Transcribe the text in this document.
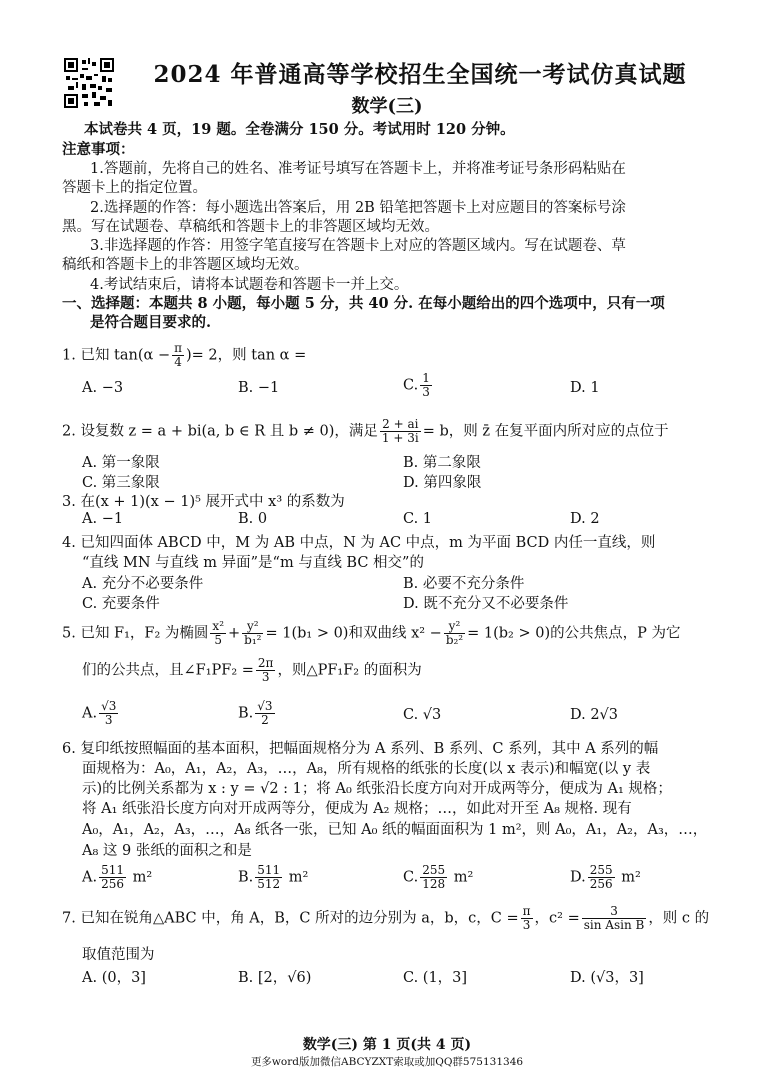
2024 年普通高等学校招生全国统一考试仿真试题
数学(三)
本试卷共 4 页，19 题。全卷满分 150 分。考试用时 120 分钟。
注意事项：
1.答题前，先将自己的姓名、准考证号填写在答题卡上，并将准考证号条形码粘贴在
答题卡上的指定位置。
2.选择题的作答：每小题选出答案后，用 2B 铅笔把答题卡上对应题目的答案标号涂
黑。写在试题卷、草稿纸和答题卡上的非答题区域均无效。
3.非选择题的作答：用签字笔直接写在答题卡上对应的答题区域内。写在试题卷、草
稿纸和答题卡上的非答题区域均无效。
4.考试结束后，请将本试题卷和答题卡一并上交。
一、选择题：本题共 8 小题，每小题 5 分，共 40 分. 在每小题给出的四个选项中，只有一项
是符合题目要求的.
1. 已知 $\tan(\alpha - \frac{\pi}{4}$ )= 2，则 tan α =
A. −3	B. −1	C. $\frac{1}{3}$	D. 1
2. 设复数 z = a + bi(a, b ∈ R 且 b ≠ 0)，满足 $\frac{2 + ai}{1 + 3i} = b$，则 z̄ 在复平面内所对应的点位于
A. 第一象限	B. 第二象限
C. 第三象限	D. 第四象限
3. 在(x + 1)(x − 1)⁵ 展开式中 x³ 的系数为
A. −1	B. 0	C. 1	D. 2
4. 已知四面体 ABCD 中，M 为 AB 中点，N 为 AC 中点，m 为平面 BCD 内任一直线，则
“直线 MN 与直线 m 异面”是“m 与直线 BC 相交”的
A. 充分不必要条件	B. 必要不充分条件
C. 充要条件	D. 既不充分又不必要条件
5. 已知 F₁，F₂ 为椭圆 $\frac{\text{x²}}{5} + \frac{\text{y²}}{\text{b₁²}} = 1(b_1 > 0)$和双曲线 $x^2 - \frac{\text{y²}}{\text{b₂²}} = 1(b_2 > 0)$的公共焦点，P 为它
们的公共点，且∠F₁PF₂ = $\frac{2\pi}{3}$ ，则△PF₁F₂ 的面积为
A. $\frac{√3}{3}$	B. $\frac{√3}{2}$	C. √3	D. 2√3
6. 复印纸按照幅面的基本面积，把幅面规格分为 A 系列、B 系列、C 系列，其中 A 系列的幅
面规格为：A₀，A₁，A₂，A₃，…，A₈，所有规格的纸张的长度(以 x 表示)和幅宽(以 y 表
示)的比例关系都为 x : y = √2 : 1；将 A₀ 纸张沿长度方向对开成两等分，便成为 A₁ 规格；
将 A₁ 纸张沿长度方向对开成两等分，便成为 A₂ 规格；…，如此对开至 A₈ 规格. 现有
A₀，A₁，A₂，A₃，…，A₈ 纸各一张，已知 A₀ 纸的幅面面积为 1 m²，则 A₀，A₁，A₂，A₃，…，
A₈ 这 9 张纸的面积之和是
A. $\frac{511}{256} m^2$	B. $\frac{511}{512} m^2$	C. $\frac{255}{128} m^2$	D. $\frac{255}{256} m^2$
7. 已知在锐角△ABC 中，角 A，B，C 所对的边分别为 a，b，c，$C = \frac{\pi}{3}$ ，$c^2 = \frac{3}{\text{sin Asin B}}$ ，则 c 的
取值范围为
A. (0，3]	B. [2，√6)	C. (1，3]	D. (√3，3]
数学(三) 第 1 页(共 4 页)
更多word版加微信ABCYZXT索取或加QQ群575131346
